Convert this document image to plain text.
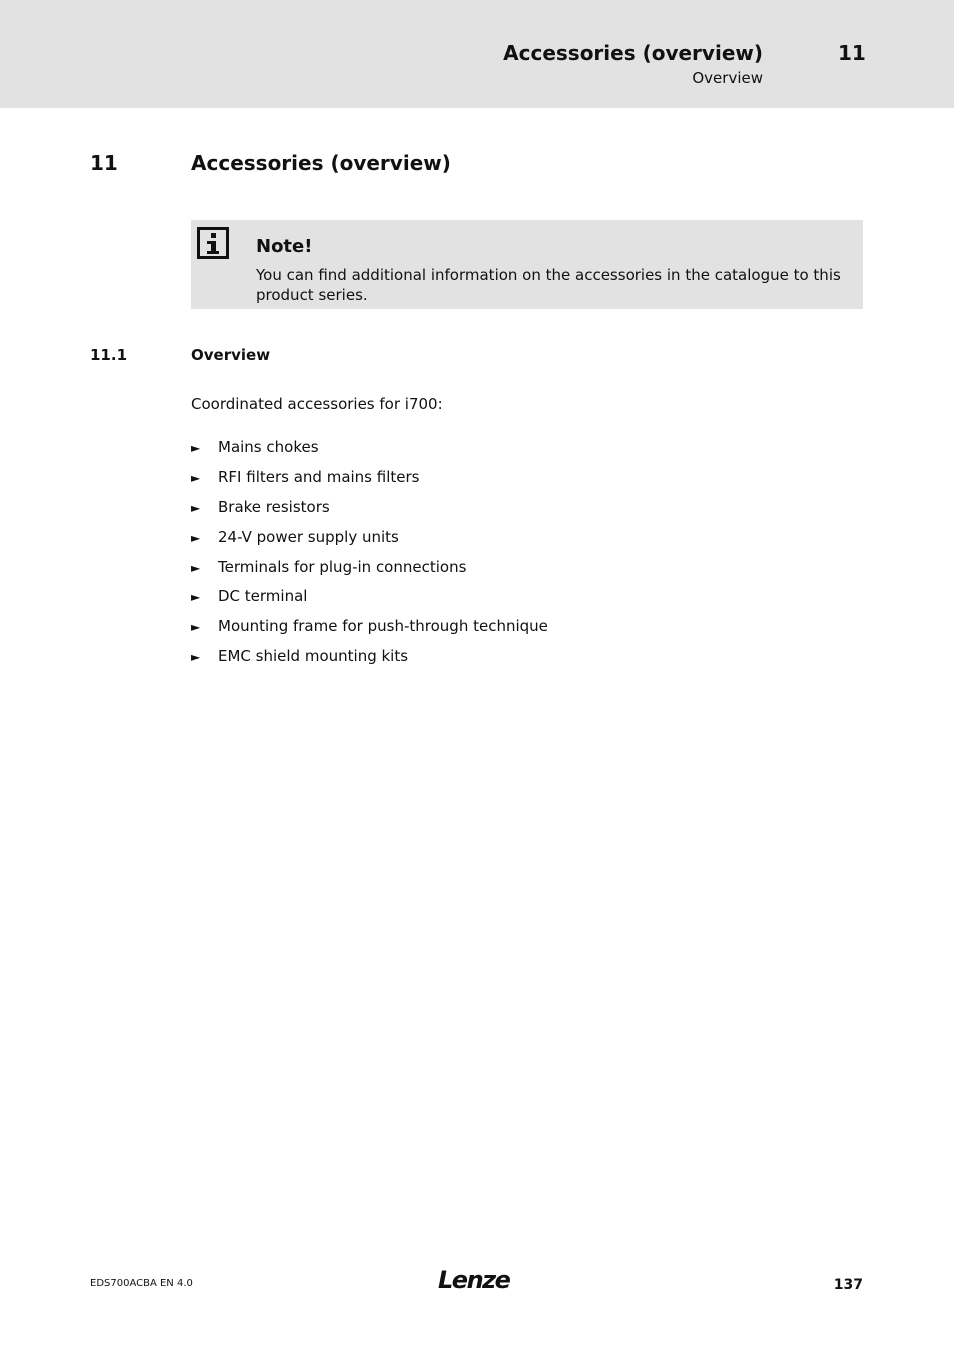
Accessories (overview)
Overview
11
11	Accessories (overview)
Note!
You can find additional information on the accessories in the catalogue to this product series.
11.1	Overview
Coordinated accessories for i700:
► Mains chokes
► RFI filters and mains filters
► Brake resistors
► 24-V power supply units
► Terminals for plug-in connections
► DC terminal
► Mounting frame for push-through technique
► EMC shield mounting kits
EDS700ACBA EN 4.0	Lenze	137
